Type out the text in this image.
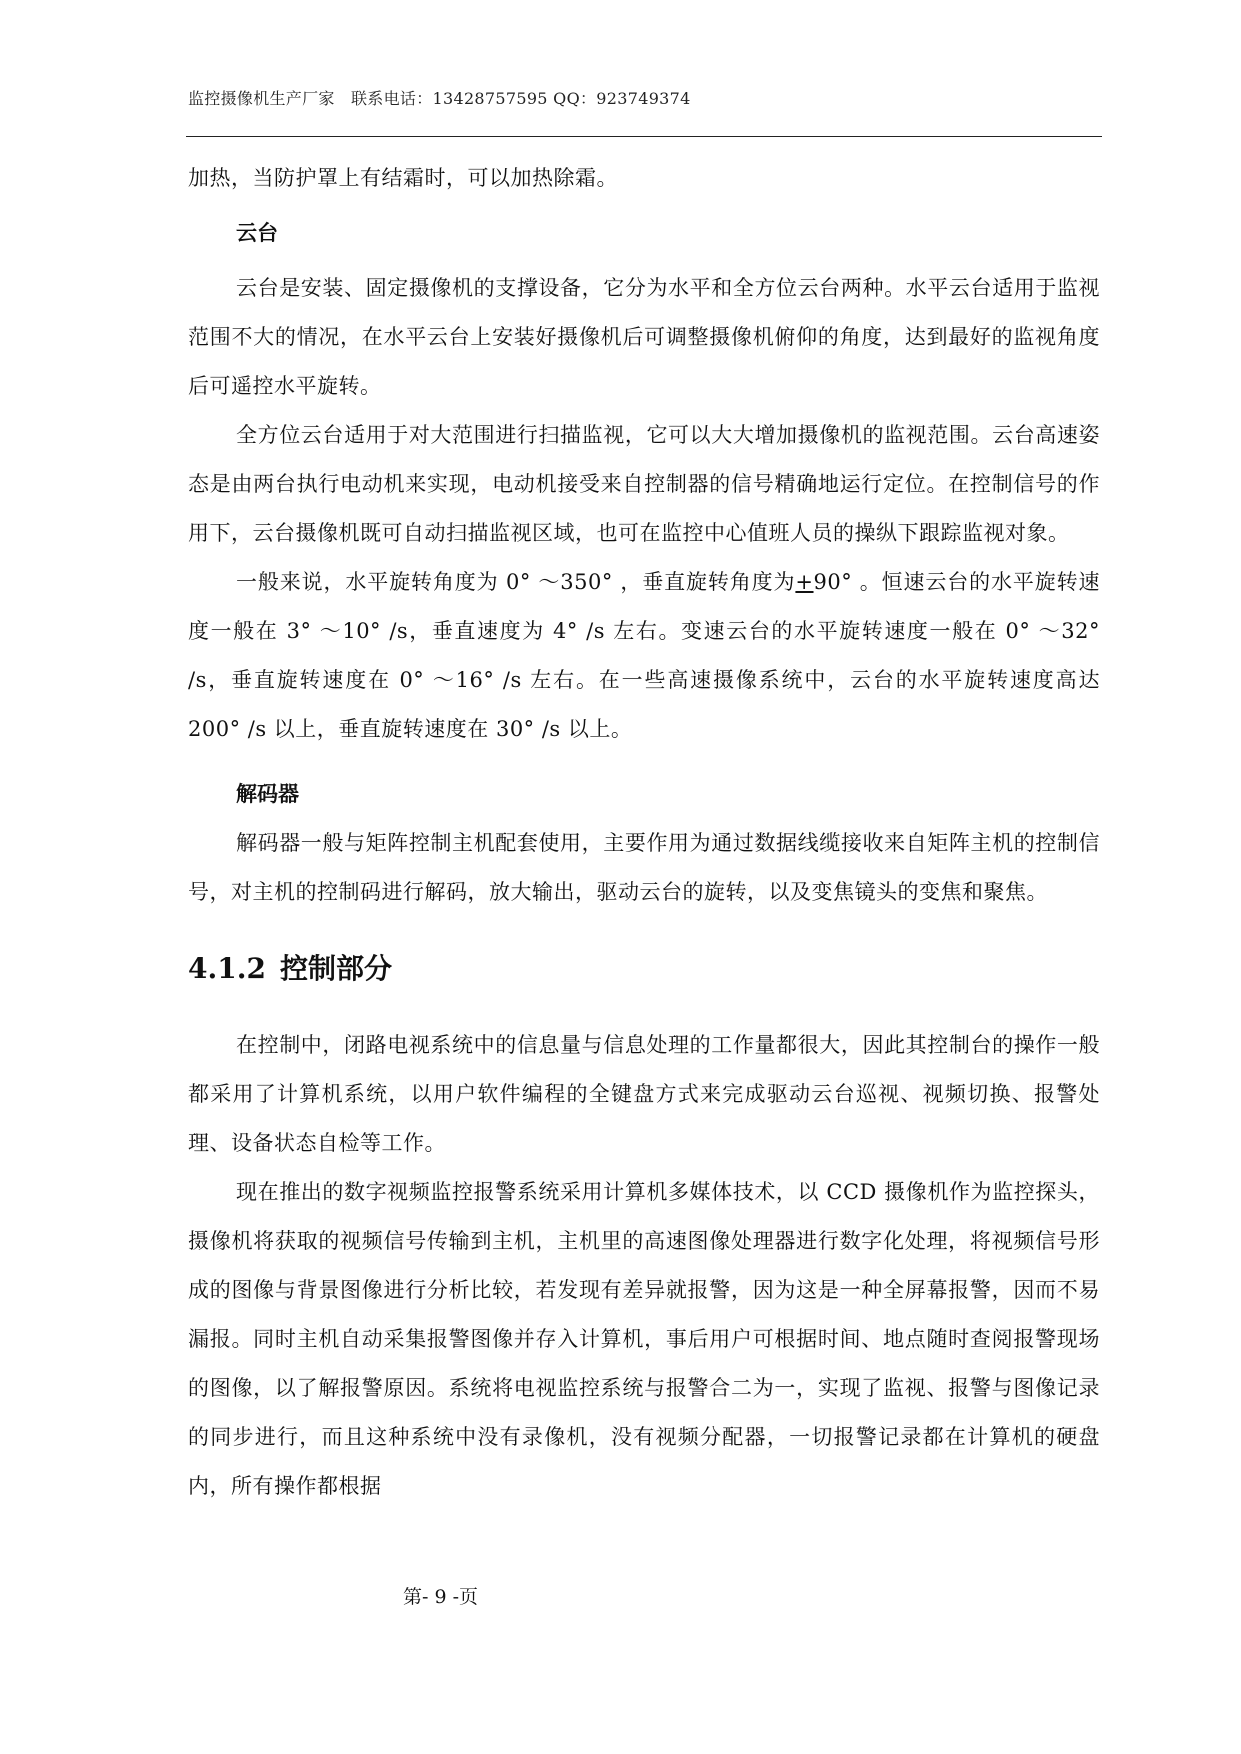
监控摄像机生产厂家　联系电话：13428757595 QQ：923749374

加热，当防护罩上有结霜时，可以加热除霜。

云台

云台是安装、固定摄像机的支撑设备，它分为水平和全方位云台两种。水平云台适用于监视范围不大的情况，在水平云台上安装好摄像机后可调整摄像机俯仰的角度，达到最好的监视角度后可遥控水平旋转。

全方位云台适用于对大范围进行扫描监视，它可以大大增加摄像机的监视范围。云台高速姿态是由两台执行电动机来实现，电动机接受来自控制器的信号精确地运行定位。在控制信号的作用下，云台摄像机既可自动扫描监视区域，也可在监控中心值班人员的操纵下跟踪监视对象。

一般来说，水平旋转角度为 0° ～350° ，垂直旋转角度为+90° 。恒速云台的水平旋转速度一般在 3° ～10° /s，垂直速度为 4° /s 左右。变速云台的水平旋转速度一般在 0° ～32° /s，垂直旋转速度在 0° ～16° /s 左右。在一些高速摄像系统中，云台的水平旋转速度高达 200° /s 以上，垂直旋转速度在 30° /s 以上。

解码器

解码器一般与矩阵控制主机配套使用，主要作用为通过数据线缆接收来自矩阵主机的控制信号，对主机的控制码进行解码，放大输出，驱动云台的旋转，以及变焦镜头的变焦和聚焦。

4.1.2 控制部分

在控制中，闭路电视系统中的信息量与信息处理的工作量都很大，因此其控制台的操作一般都采用了计算机系统，以用户软件编程的全键盘方式来完成驱动云台巡视、视频切换、报警处理、设备状态自检等工作。

现在推出的数字视频监控报警系统采用计算机多媒体技术，以 CCD 摄像机作为监控探头，摄像机将获取的视频信号传输到主机，主机里的高速图像处理器进行数字化处理，将视频信号形成的图像与背景图像进行分析比较，若发现有差异就报警，因为这是一种全屏幕报警，因而不易漏报。同时主机自动采集报警图像并存入计算机，事后用户可根据时间、地点随时查阅报警现场的图像，以了解报警原因。系统将电视监控系统与报警合二为一，实现了监视、报警与图像记录的同步进行，而且这种系统中没有录像机，没有视频分配器，一切报警记录都在计算机的硬盘内，所有操作都根据

第- 9 -页
